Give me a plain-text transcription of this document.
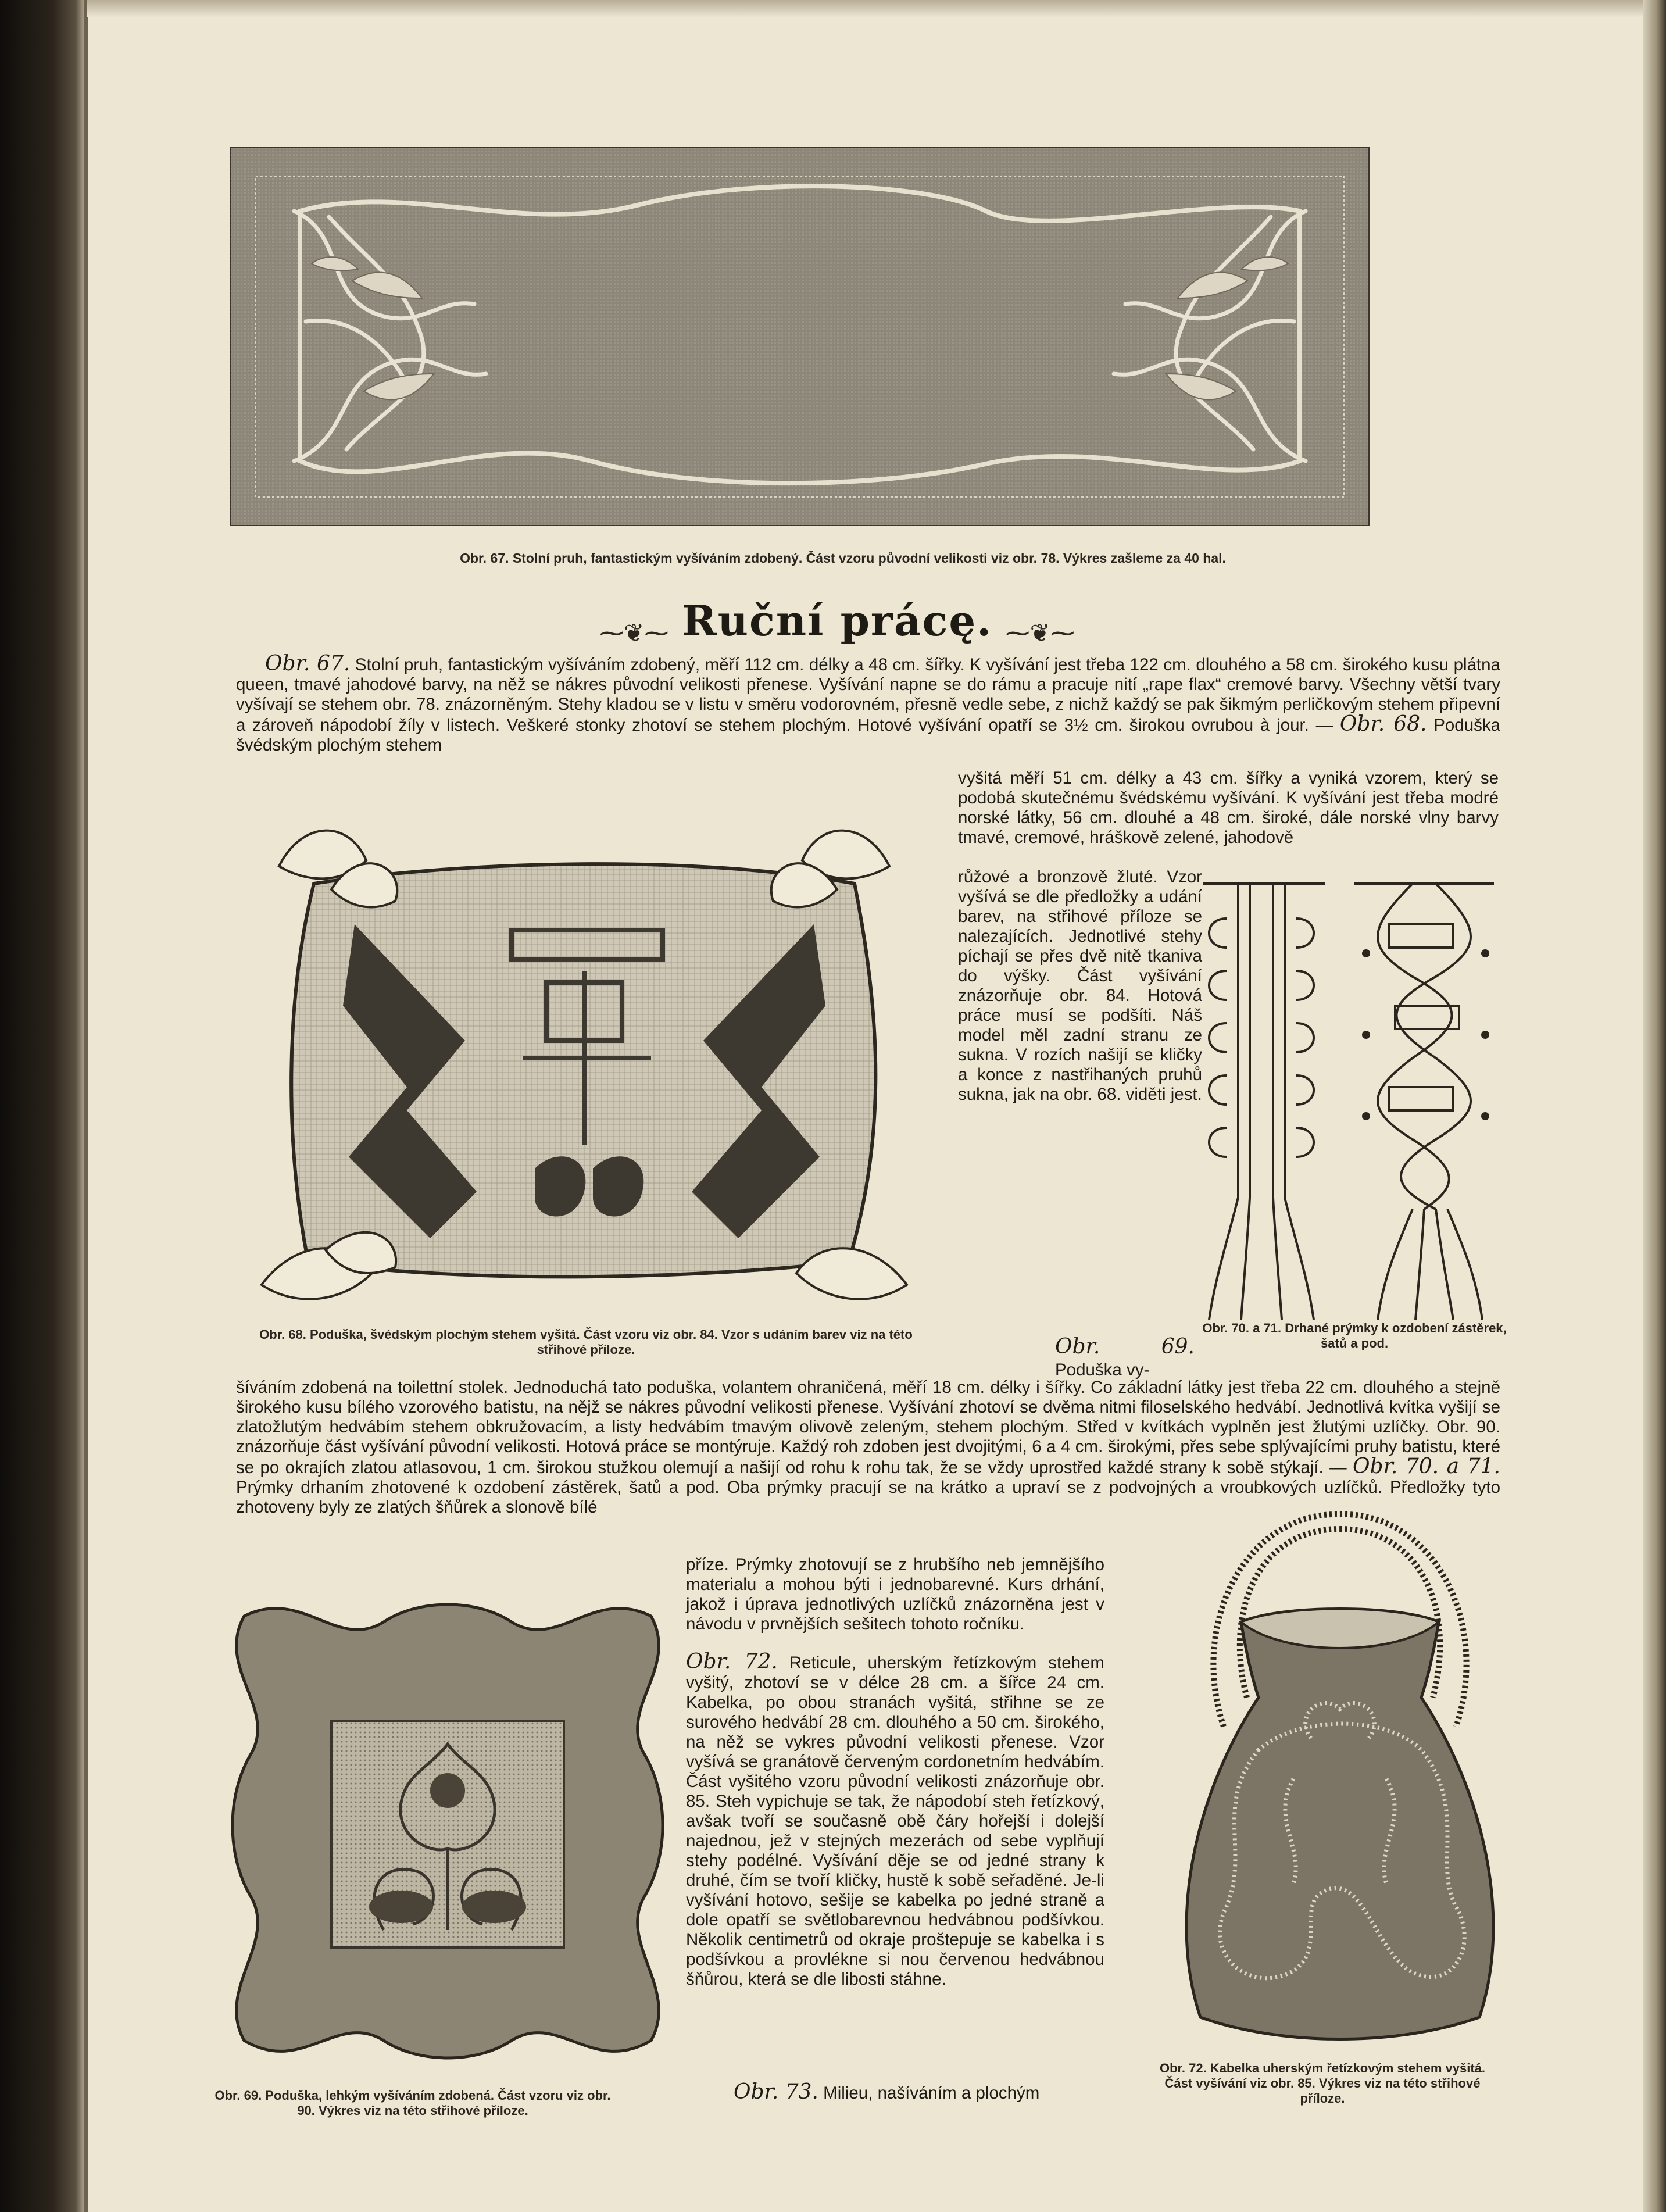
Obr. 67. Stolní pruh, fantastickým vyšíváním zdobený. Část vzoru původní velikosti viz obr. 78. Výkres zašleme za 40 hal.
⁓❦⁓ Ruční prácę. ⁓❦⁓

Obr. 67. Stolní pruh, fantastickým vyšíváním zdobený, měří 112 cm. délky a 48 cm. šířky. K vyšívání jest třeba 122 cm. dlouhého a 58 cm. širokého kusu plátna queen, tmavé jahodové barvy, na něž se nákres původní velikosti přenese. Vyšívání napne se do rámu a pracuje nití „rape flax“ cremové barvy. Všechny větší tvary vyšívají se stehem obr. 78. znázorněným. Stehy kladou se v listu v směru vodorovném, přesně vedle sebe, z nichž každý se pak šikmým perličkovým stehem připevní a zároveň nápodobí žíly v listech. Veškeré stonky zhotoví se stehem plochým. Hotové vyšívání opatří se 3½ cm. širokou ovrubou à jour. — Obr. 68. Poduška švédským plochým stehem

Obr. 68. Poduška, švédským plochým stehem vyšitá. Část vzoru viz obr. 84. Vzor s udáním barev viz na této střihové příloze.

vyšitá měří 51 cm. délky a 43 cm. šířky a vyniká vzorem, který se podobá skutečnému švédskému vyšívání. K vyšívání jest třeba modré norské látky, 56 cm. dlouhé a 48 cm. široké, dále norské vlny barvy tmavé, cremové, hráškově zelené, jahodově

růžové a bronzově žluté. Vzor vyšívá se dle předložky a udání barev, na střihové příloze se nalezajících. Jednotlivé stehy píchají se přes dvě nitě tkaniva do výšky. Část vyšívání znázorňuje obr. 84. Hotová práce musí se podšíti. Náš model měl zadní stranu ze sukna. V rozích našijí se kličky a konce z nastřihaných pruhů sukna, jak na obr. 68. viděti jest.

Obr. 70. a 71. Drhané prýmky k ozdobení zástěrek, šatů a pod.

Obr. 69. Poduška vy-

šíváním zdobená na toilettní stolek. Jednoduchá tato poduška, volantem ohraničená, měří 18 cm. délky i šířky. Co základní látky jest třeba 22 cm. dlouhého a stejně širokého kusu bílého vzorového batistu, na nějž se nákres původní velikosti přenese. Vyšívání zhotoví se dvěma nitmi filoselského hedvábí. Jednotlivá kvítka vyšijí se zlatožlutým hedvábím stehem obkružovacím, a listy hedvábím tmavým olivově zeleným, stehem plochým. Střed v kvítkách vyplněn jest žlutými uzlíčky. Obr. 90. znázorňuje část vyšívání původní velikosti. Hotová práce se montýruje. Každý roh zdoben jest dvojitými, 6 a 4 cm. širokými, přes sebe splývajícími pruhy batistu, které se po okrajích zlatou atlasovou, 1 cm. širokou stužkou olemují a našijí od rohu k rohu tak, že se vždy uprostřed každé strany k sobě stýkají. — Obr. 70. a 71. Prýmky drhaním zhotovené k ozdobení zástěrek, šatů a pod. Oba prýmky pracují se na krátko a upraví se z podvojných a vroubkových uzlíčků. Předložky tyto zhotoveny byly ze zlatých šňůrek a slonově bílé

Obr. 69. Poduška, lehkým vyšíváním zdobená. Část vzoru viz obr. 90. Výkres viz na této střihové příloze.

příze. Prýmky zhotovují se z hrubšího neb jemnějšího materialu a mohou býti i jednobarevné. Kurs drhání, jakož i úprava jednotlivých uzlíčků znázorněna jest v návodu v prvnějších sešitech tohoto ročníku.

Obr. 72. Reticule, uherským řetízkovým stehem vyšitý, zhotoví se v délce 28 cm. a šířce 24 cm. Kabelka, po obou stranách vyšitá, střihne se ze surového hedvábí 28 cm. dlouhého a 50 cm. širokého, na něž se vykres původní velikosti přenese. Vzor vyšívá se granátově červeným cordonetním hedvábím. Část vyšitého vzoru původní velikosti znázorňuje obr. 85. Steh vypichuje se tak, že nápodobí steh řetízkový, avšak tvoří se současně obě čáry hořejší i dolejší najednou, jež v stejných mezerách od sebe vyplňují stehy podélné. Vyšívání děje se od jedné strany k druhé, čím se tvoří kličky, hustě k sobě seřaděné. Je-li vyšívání hotovo, sešije se kabelka po jedné straně a dole opatří se světlobarevnou hedvábnou podšívkou. Několik centimetrů od okraje proštepuje se kabelka i s podšívkou a provlékne si nou červenou hedvábnou šňůrou, která se dle libosti stáhne.

Obr. 73. Milieu, našíváním a plochým

Obr. 72. Kabelka uherským řetízkovým stehem vyšitá. Část vyšívání viz obr. 85. Výkres viz na této střihové příloze.
